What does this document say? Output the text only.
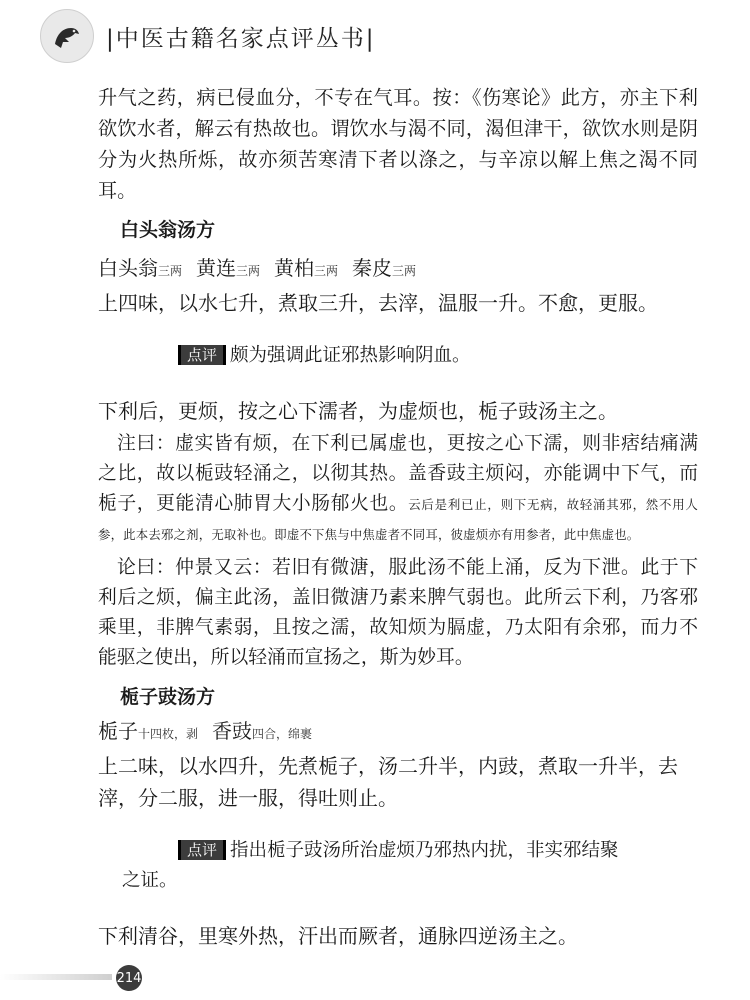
|中医古籍名家点评丛书|

升气之药，病已侵血分，不专在气耳。按：《伤寒论》此方，亦主下利欲饮水者，解云有热故也。谓饮水与渴不同，渴但津干，欲饮水则是阴分为火热所烁，故亦须苦寒清下者以涤之，与辛凉以解上焦之渴不同耳。

白头翁汤方

白头翁三两 黄连三两 黄柏三两 秦皮三两

上四味，以水七升，煮取三升，去滓，温服一升。不愈，更服。

点评 颇为强调此证邪热影响阴血。

下利后，更烦，按之心下濡者，为虚烦也，栀子豉汤主之。

注曰：虚实皆有烦，在下利已属虚也，更按之心下濡，则非痞结痛满之比，故以栀豉轻涌之，以彻其热。盖香豉主烦闷，亦能调中下气，而栀子，更能清心肺胃大小肠郁火也。云后是利已止，则下无病，故轻涌其邪，然不用人参，此本去邪之剂，无取补也。即虚不下焦与中焦虚者不同耳，彼虚烦亦有用参者，此中焦虚也。

论曰：仲景又云：若旧有微溏，服此汤不能上涌，反为下泄。此于下利后之烦，偏主此汤，盖旧微溏乃素来脾气弱也。此所云下利，乃客邪乘里，非脾气素弱，且按之濡，故知烦为膈虚，乃太阳有余邪，而力不能驱之使出，所以轻涌而宣扬之，斯为妙耳。

栀子豉汤方

栀子十四枚，剥 香豉四合，绵裹

上二味，以水四升，先煮栀子，汤二升半，内豉，煮取一升半，去滓，分二服，进一服，得吐则止。

点评 指出栀子豉汤所治虚烦乃邪热内扰，非实邪结聚

之证。

下利清谷，里寒外热，汗出而厥者，通脉四逆汤主之。

214
